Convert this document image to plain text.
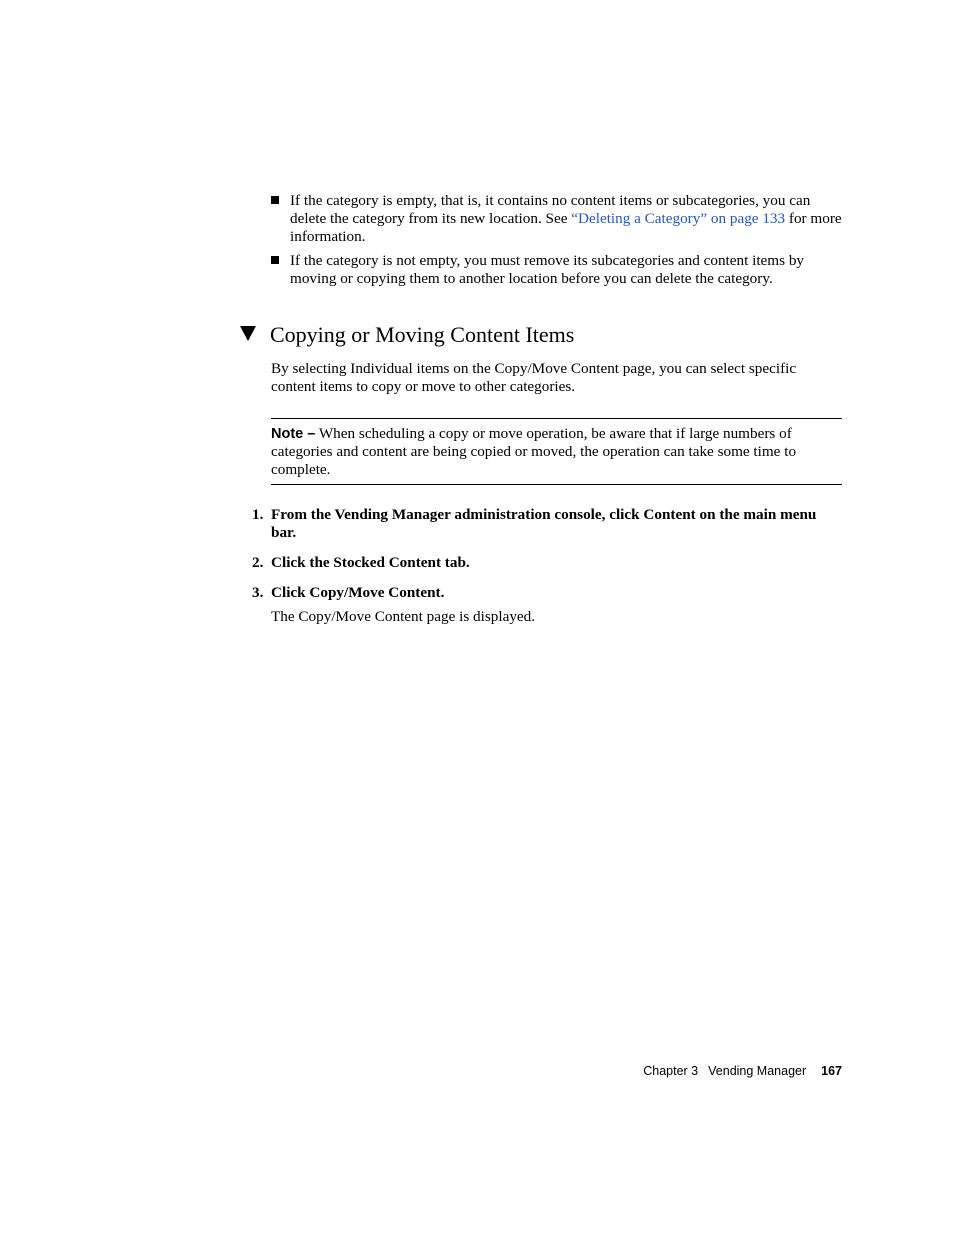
If the category is empty, that is, it contains no content items or subcategories, you can delete the category from its new location. See “Deleting a Category” on page 133 for more information.
If the category is not empty, you must remove its subcategories and content items by moving or copying them to another location before you can delete the category.
Copying or Moving Content Items
By selecting Individual items on the Copy/Move Content page, you can select specific content items to copy or move to other categories.
Note – When scheduling a copy or move operation, be aware that if large numbers of categories and content are being copied or moved, the operation can take some time to complete.
1. From the Vending Manager administration console, click Content on the main menu bar.
2. Click the Stocked Content tab.
3. Click Copy/Move Content.
The Copy/Move Content page is displayed.
Chapter 3 Vending Manager 167
